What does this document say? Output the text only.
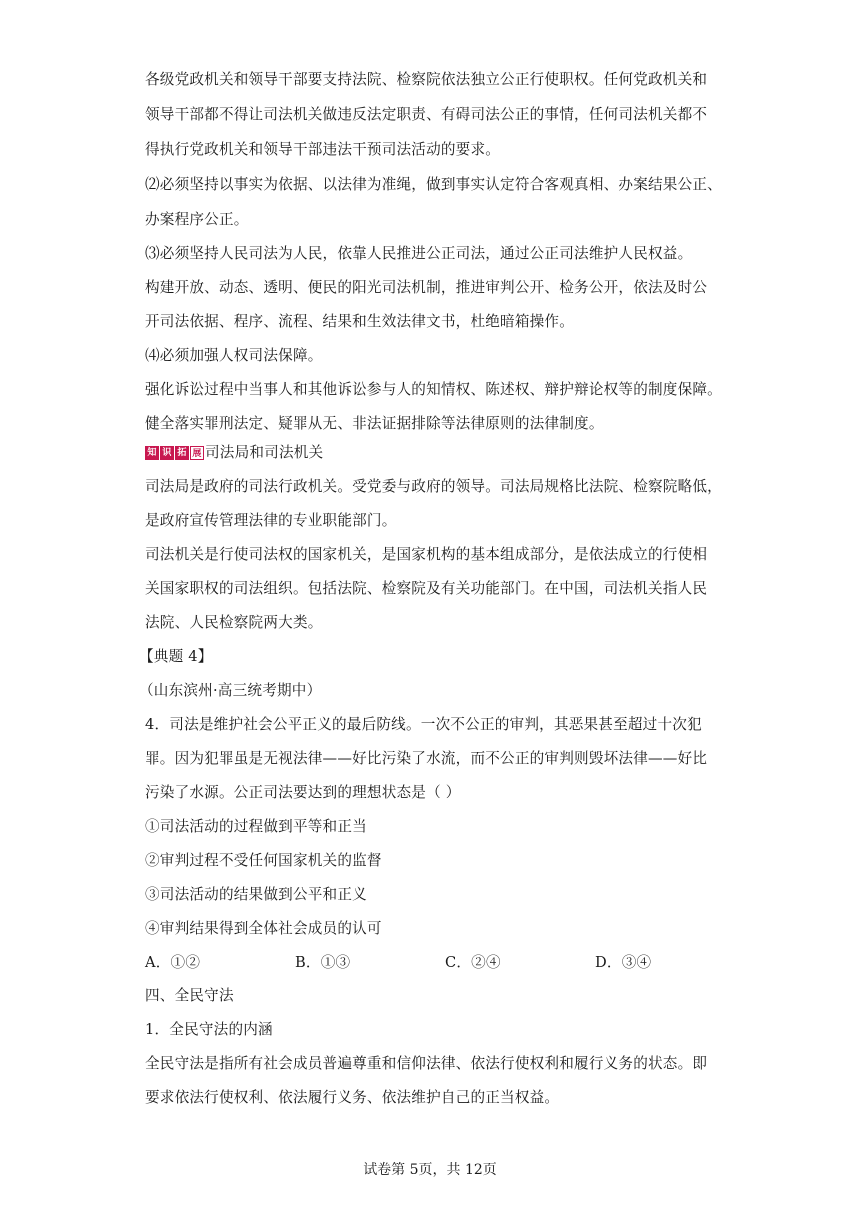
各级党政机关和领导干部要支持法院、检察院依法独立公正行使职权。任何党政机关和
领导干部都不得让司法机关做违反法定职责、有碍司法公正的事情，任何司法机关都不
得执行党政机关和领导干部违法干预司法活动的要求。
⑵必须坚持以事实为依据、以法律为准绳，做到事实认定符合客观真相、办案结果公正、
办案程序公正。
⑶必须坚持人民司法为人民，依靠人民推进公正司法，通过公正司法维护人民权益。
构建开放、动态、透明、便民的阳光司法机制，推进审判公开、检务公开，依法及时公
开司法依据、程序、流程、结果和生效法律文书，杜绝暗箱操作。
⑷必须加强人权司法保障。
强化诉讼过程中当事人和其他诉讼参与人的知情权、陈述权、辩护辩论权等的制度保障。
健全落实罪刑法定、疑罪从无、非法证据排除等法律原则的法律制度。
知 识 拓 展 司法局和司法机关
司法局是政府的司法行政机关。受党委与政府的领导。司法局规格比法院、检察院略低，
是政府宣传管理法律的专业职能部门。
司法机关是行使司法权的国家机关，是国家机构的基本组成部分，是依法成立的行使相
关国家职权的司法组织。包括法院、检察院及有关功能部门。在中国，司法机关指人民
法院、人民检察院两大类。
【典题 4】
（山东滨州·高三统考期中）
4．司法是维护社会公平正义的最后防线。一次不公正的审判，其恶果甚至超过十次犯
罪。因为犯罪虽是无视法律——好比污染了水流，而不公正的审判则毁坏法律——好比
污染了水源。公正司法要达到的理想状态是（ ）
①司法活动的过程做到平等和正当
②审判过程不受任何国家机关的监督
③司法活动的结果做到公平和正义
④审判结果得到全体社会成员的认可
A．①②	B．①③	C．②④	D．③④
四、全民守法
1．全民守法的内涵
全民守法是指所有社会成员普遍尊重和信仰法律、依法行使权利和履行义务的状态。即
要求依法行使权利、依法履行义务、依法维护自己的正当权益。
试卷第 5页，共 12页
